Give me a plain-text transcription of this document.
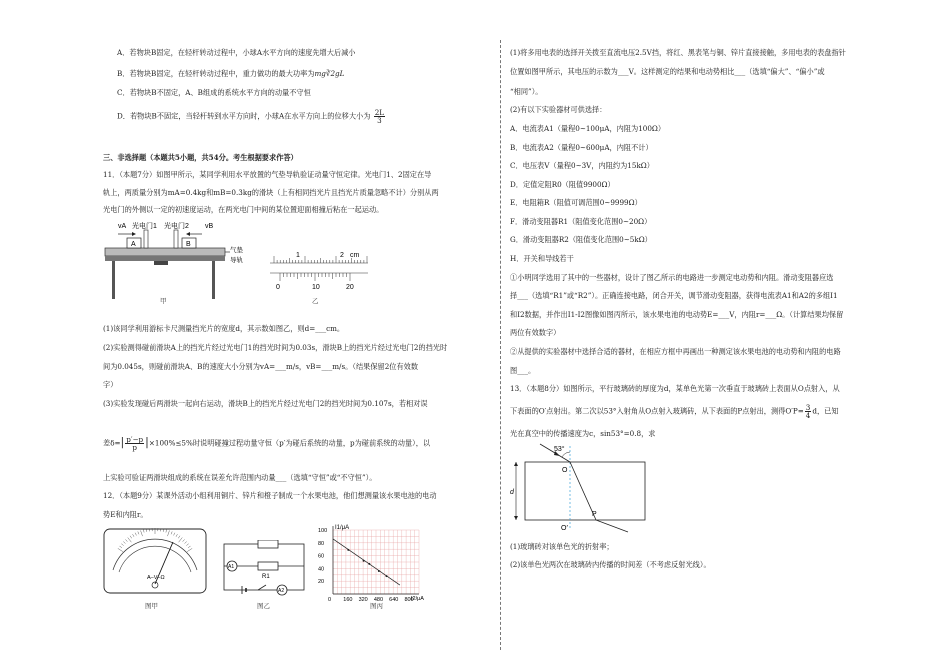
A．若物块B固定，在轻杆转动过程中，小球A水平方向的速度先增大后减小
B．若物块B固定，在轻杆转动过程中，重力做功的最大功率为mg∛2gL
C．若物块B不固定，A、B组成的系统水平方向的动量不守恒
D．若物块B不固定，当轻杆转到水平方向时，小球A在水平方向上的位移大小为 $\frac{2L}{3}$
三、非选择题（本题共5小题，共54分。考生根据要求作答）
11．（本题7分）如图甲所示，某同学利用水平放置的气垫导轨验证动量守恒定律。光电门1、2固定在导
轨上，两质量分别为mA=0.4kg和mB=0.3kg的滑块（上有相同挡光片且挡光片质量忽略不计）分别从两
光电门的外侧以一定的初速度运动，在两光电门中间的某位置迎面相撞后粘在一起运动。
vA 光电门1 光电门2 vB
A	B
气垫
导轨
甲
1	2 cm
0	10	20
乙
(1)该同学利用游标卡尺测量挡光片的宽度d，其示数如图乙，则d=___cm。
(2)实验测得碰前滑块A上的挡光片经过光电门1的挡光时间为0.03s，滑块B上的挡光片经过光电门2的挡光时
间为0.045s，则碰前滑块A、B的速度大小分别为vA=___m/s，vB=___m/s。（结果保留2位有效数
字）
(3)实验发现碰后两滑块一起向右运动，滑块B上的挡光片经过光电门2的挡光时间为0.107s，若相对误
差$\delta=| \frac{p'-p}{p} |\times 100\%\le 5\%$时说明碰撞过程动量守恒（p′为碰后系统的动量，p为碰前系统的动量），以
上实验可验证两滑块组成的系统在误差允许范围内动量___（选填“守恒”或“不守恒”）。
12．（本题9分）某课外活动小组利用铜片、锌片和橙子制成一个水果电池，他们想测量该水果电池的电动
势E和内阻r。
A–V–Ω
图甲
A1
A2
R1
图乙
100
80
60
40
20
0 160 320 480 640 800
I1/μA
I2/μA
图丙
(1)将多用电表的选择开关拨至直流电压2.5V挡，将红、黑表笔与铜、锌片直接接触，多用电表的表盘指针
位置如图甲所示，其电压的示数为___V。这样测定的结果和电动势相比___（选填“偏大”、“偏小”或
“相同”）。
(2)有以下实验器材可供选择：
A．电流表A1（量程0~100μA，内阻为100Ω）
B．电流表A2（量程0~600μA，内阻不计）
C．电压表V（量程0~3V，内阻约为15kΩ）
D．定值定阻R0（阻值9900Ω）
E．电阻箱R（阻值可调范围0~9999Ω）
F．滑动变阻器R1（阻值变化范围0~20Ω）
G．滑动变阻器R2（阻值变化范围0~5kΩ）
H．开关和导线若干
①小明同学选用了其中的一些器材，设计了图乙所示的电路进一步测定电动势和内阻。滑动变阻器应选
择___（选填“R1”或“R2”）。正确连接电路，闭合开关，调节滑动变阻器，获得电流表A1和A2的多组I1
和I2数据，并作出I1-I2图像如图丙所示，该水果电池的电动势E=___V，内阻r=___Ω。（计算结果均保留
两位有效数字）
②从提供的实验器材中选择合适的器材，在相应方框中再画出一种测定该水果电池的电动势和内阻的电路
图___。
13．（本题8分）如图所示，平行玻璃砖的厚度为d，某单色光第一次垂直于玻璃砖上表面从O点射入，从
下表面的O′点射出。第二次以53°入射角从O点射入玻璃砖，从下表面的P点射出，测得$O'P= \frac{3}{4}$ d，已知
光在真空中的传播速度为c，sin53°=0.8，求
53°
O
O′
P
d
(1)玻璃砖对该单色光的折射率；
(2)该单色光两次在玻璃砖内传播的时间差（不考虑反射光线）。
